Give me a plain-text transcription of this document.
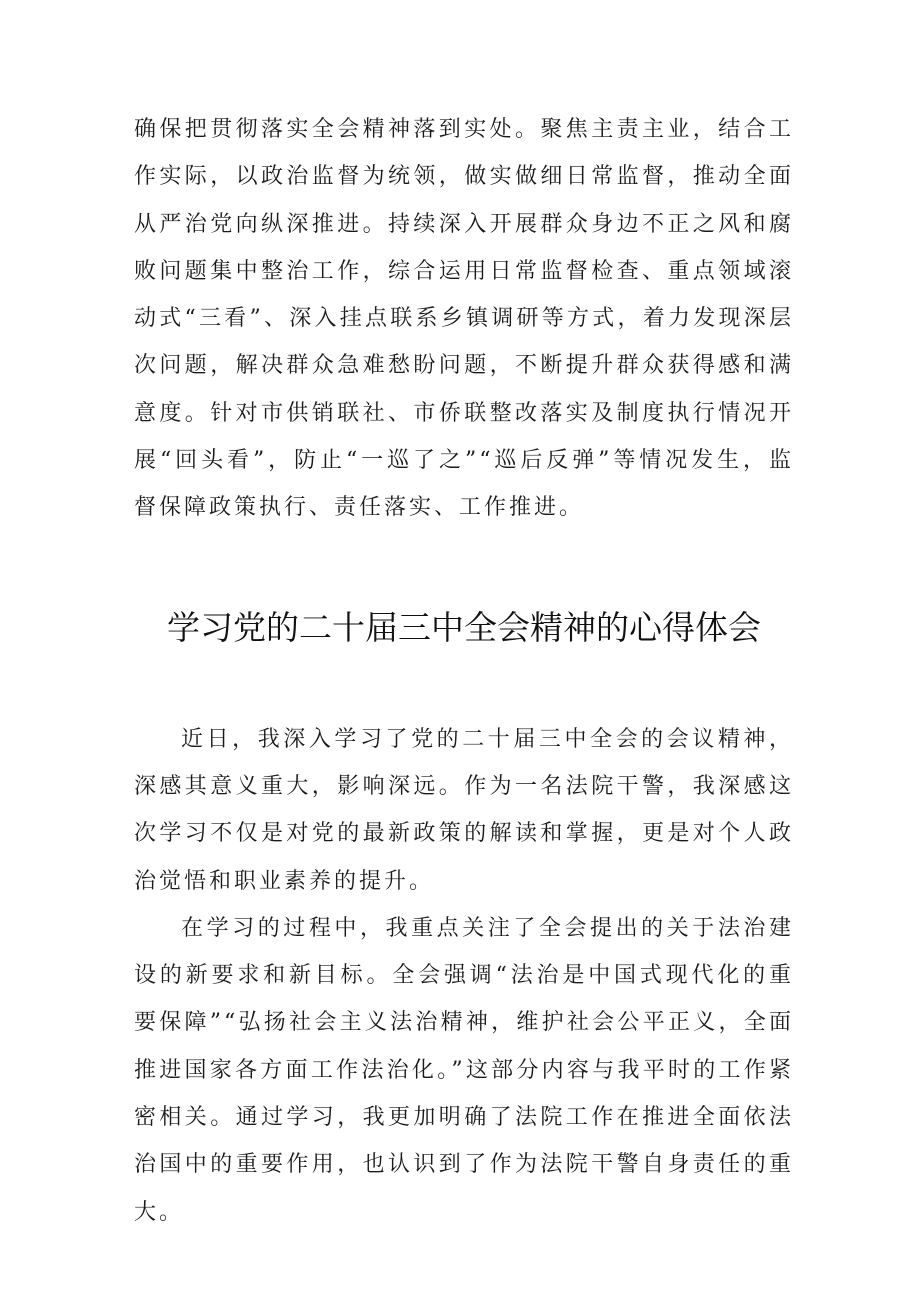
确保把贯彻落实全会精神落到实处。聚焦主责主业，结合工作实际，以政治监督为统领，做实做细日常监督，推动全面从严治党向纵深推进。持续深入开展群众身边不正之风和腐败问题集中整治工作，综合运用日常监督检查、重点领域滚动式“三看”、深入挂点联系乡镇调研等方式，着力发现深层次问题，解决群众急难愁盼问题，不断提升群众获得感和满意度。针对市供销联社、市侨联整改落实及制度执行情况开展“回头看”，防止“一巡了之”“巡后反弹”等情况发生，监督保障政策执行、责任落实、工作推进。

学习党的二十届三中全会精神的心得体会

近日，我深入学习了党的二十届三中全会的会议精神，深感其意义重大，影响深远。作为一名法院干警，我深感这次学习不仅是对党的最新政策的解读和掌握，更是对个人政治觉悟和职业素养的提升。

在学习的过程中，我重点关注了全会提出的关于法治建设的新要求和新目标。全会强调“法治是中国式现代化的重要保障”“弘扬社会主义法治精神，维护社会公平正义，全面推进国家各方面工作法治化。”这部分内容与我平时的工作紧密相关。通过学习，我更加明确了法院工作在推进全面依法治国中的重要作用，也认识到了作为法院干警自身责任的重大。
